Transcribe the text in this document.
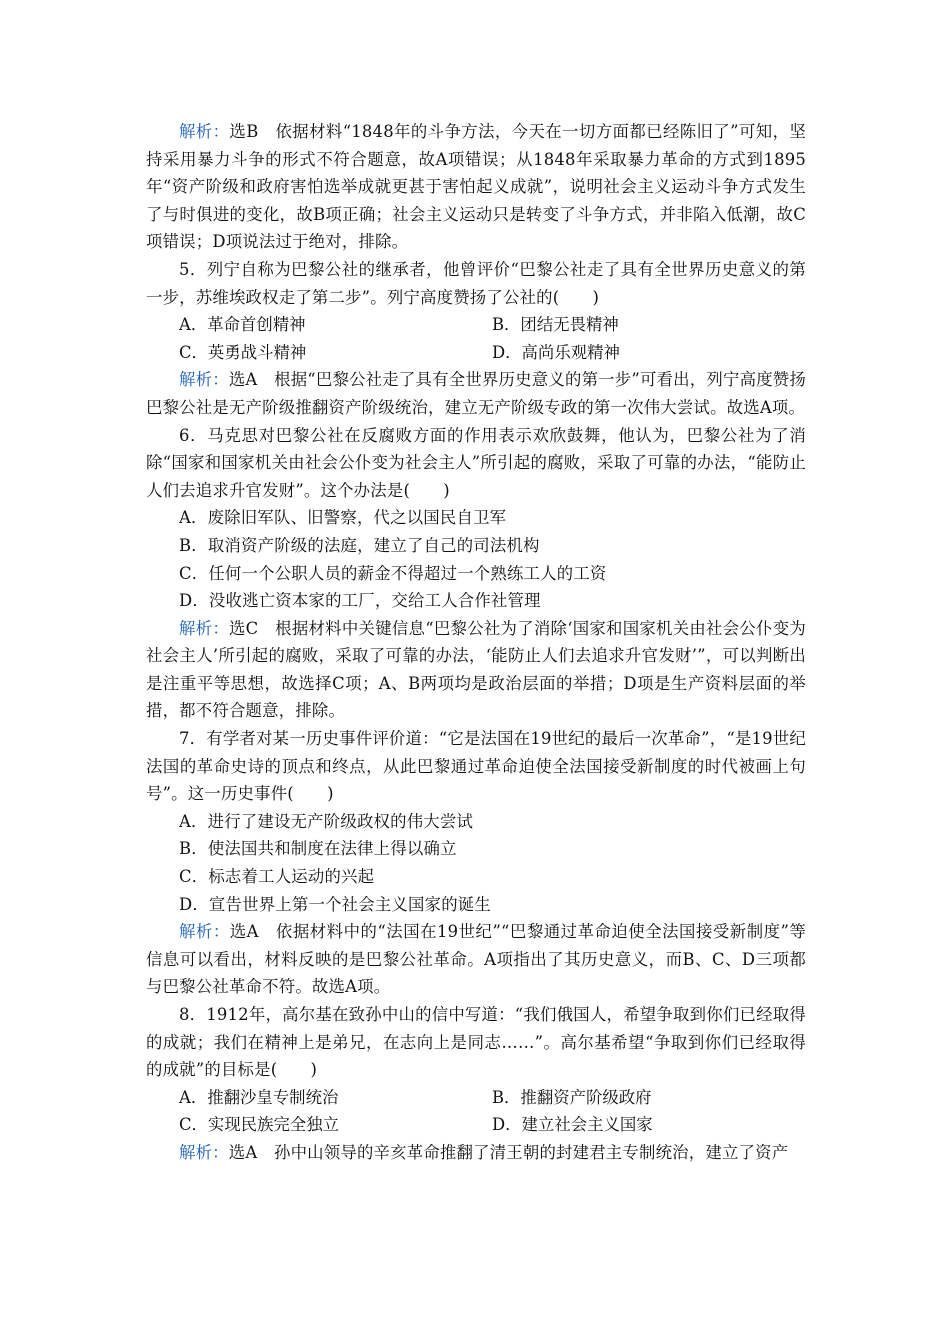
解析：选B　依据材料“1848年的斗争方法，今天在一切方面都已经陈旧了”可知，坚持采用暴力斗争的形式不符合题意，故A项错误；从1848年采取暴力革命的方式到1895年“资产阶级和政府害怕选举成就更甚于害怕起义成就”，说明社会主义运动斗争方式发生了与时俱进的变化，故B项正确；社会主义运动只是转变了斗争方式，并非陷入低潮，故C项错误；D项说法过于绝对，排除。

5．列宁自称为巴黎公社的继承者，他曾评价“巴黎公社走了具有全世界历史意义的第一步，苏维埃政权走了第二步”。列宁高度赞扬了公社的(　　)

A．革命首创精神	B．团结无畏精神
C．英勇战斗精神	D．高尚乐观精神

解析：选A　根据“巴黎公社走了具有全世界历史意义的第一步”可看出，列宁高度赞扬巴黎公社是无产阶级推翻资产阶级统治，建立无产阶级专政的第一次伟大尝试。故选A项。

6．马克思对巴黎公社在反腐败方面的作用表示欢欣鼓舞，他认为，巴黎公社为了消除“国家和国家机关由社会公仆变为社会主人”所引起的腐败，采取了可靠的办法，“能防止人们去追求升官发财”。这个办法是(　　)

A．废除旧军队、旧警察，代之以国民自卫军

B．取消资产阶级的法庭，建立了自己的司法机构

C．任何一个公职人员的薪金不得超过一个熟练工人的工资

D．没收逃亡资本家的工厂，交给工人合作社管理

解析：选C　根据材料中关键信息“巴黎公社为了消除‘国家和国家机关由社会公仆变为社会主人’所引起的腐败，采取了可靠的办法，‘能防止人们去追求升官发财’”，可以判断出是注重平等思想，故选择C项；A、B两项均是政治层面的举措；D项是生产资料层面的举措，都不符合题意，排除。

7．有学者对某一历史事件评价道：“它是法国在19世纪的最后一次革命”，“是19世纪法国的革命史诗的顶点和终点，从此巴黎通过革命迫使全法国接受新制度的时代被画上句号”。这一历史事件(　　)

A．进行了建设无产阶级政权的伟大尝试

B．使法国共和制度在法律上得以确立

C．标志着工人运动的兴起

D．宣告世界上第一个社会主义国家的诞生

解析：选A　依据材料中的“法国在19世纪”“巴黎通过革命迫使全法国接受新制度”等信息可以看出，材料反映的是巴黎公社革命。A项指出了其历史意义，而B、C、D三项都与巴黎公社革命不符。故选A项。

8．1912年，高尔基在致孙中山的信中写道：“我们俄国人，希望争取到你们已经取得的成就；我们在精神上是弟兄，在志向上是同志……”。高尔基希望“争取到你们已经取得的成就”的目标是(　　)

A．推翻沙皇专制统治	B．推翻资产阶级政府
C．实现民族完全独立	D．建立社会主义国家

解析：选A　孙中山领导的辛亥革命推翻了清王朝的封建君主专制统治，建立了资产
